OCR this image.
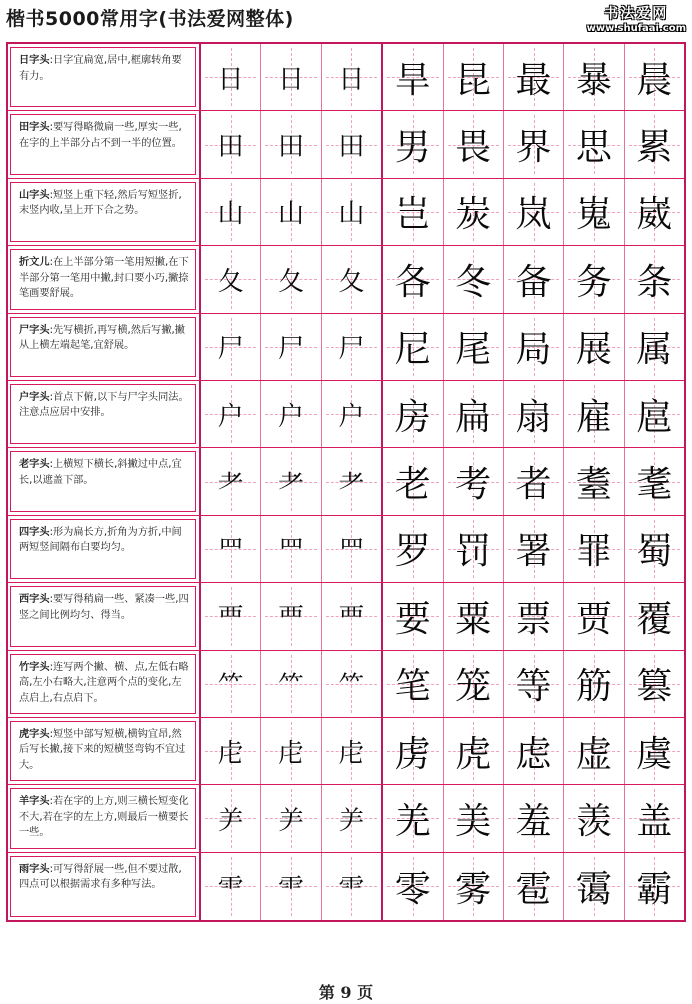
楷书5000常用字(书法爱网整体)	书法爱网
www.shufaai.com
日字头:日字宜扁宽,居中,框廓转角要有力。	日 日 日 旱 昆 最 暴 晨
田字头:要写得略微扁一些,厚实一些,在字的上半部分占不到一半的位置。	田 田 田 男 畏 界 思 累
山字头:短竖上重下轻,然后写短竖折,末竖内收,呈上开下合之势。	山 山 山 岂 炭 岚 嵬 崴
折文儿:在上半部分第一笔用短撇,在下半部分第一笔用中撇,封口要小巧,撇捺笔画要舒展。	夂 夂 夂 各 冬 备 务 条
尸字头:先写横折,再写横,然后写撇,撇从上横左端起笔,宜舒展。	尸 尸 尸 尼 尾 局 展 属
户字头:首点下俯,以下与尸字头同法。注意点应居中安排。	户 户 户 房 扁 扇 雇 扈
老字头:上横短下横长,斜撇过中点,宜长,以遮盖下部。	耂 耂 耂 老 考 者 耋 耄
四字头:形为扁长方,折角为方折,中间两短竖间隔布白要均匀。	罒 罒 罒 罗 罚 署 罪 蜀
西字头:要写得稍扁一些、紧凑一些,四竖之间比例均匀、得当。	覀 覀 覀 要 粟 票 贾 覆
竹字头:连写两个撇、横、点,左低右略高,左小右略大,注意两个点的变化,左点启上,右点启下。	⺮ ⺮ ⺮ 笔 笼 等 筋 篡
虎字头:短竖中部写短横,横钩宜昂,然后写长撇,接下来的短横竖弯钩不宜过大。	虍 虍 虍 虏 虎 虑 虚 虞
羊字头:若在字的上方,则三横长短变化不大,若在字的左上方,则最后一横要长一些。	⺶ ⺶ ⺶ 羌 美 羞 羡 盖
雨字头:可写得舒展一些,但不要过散,四点可以根据需求有多种写法。	⻗ ⻗ ⻗ 零 雾 雹 霭 霸
第 9 页
